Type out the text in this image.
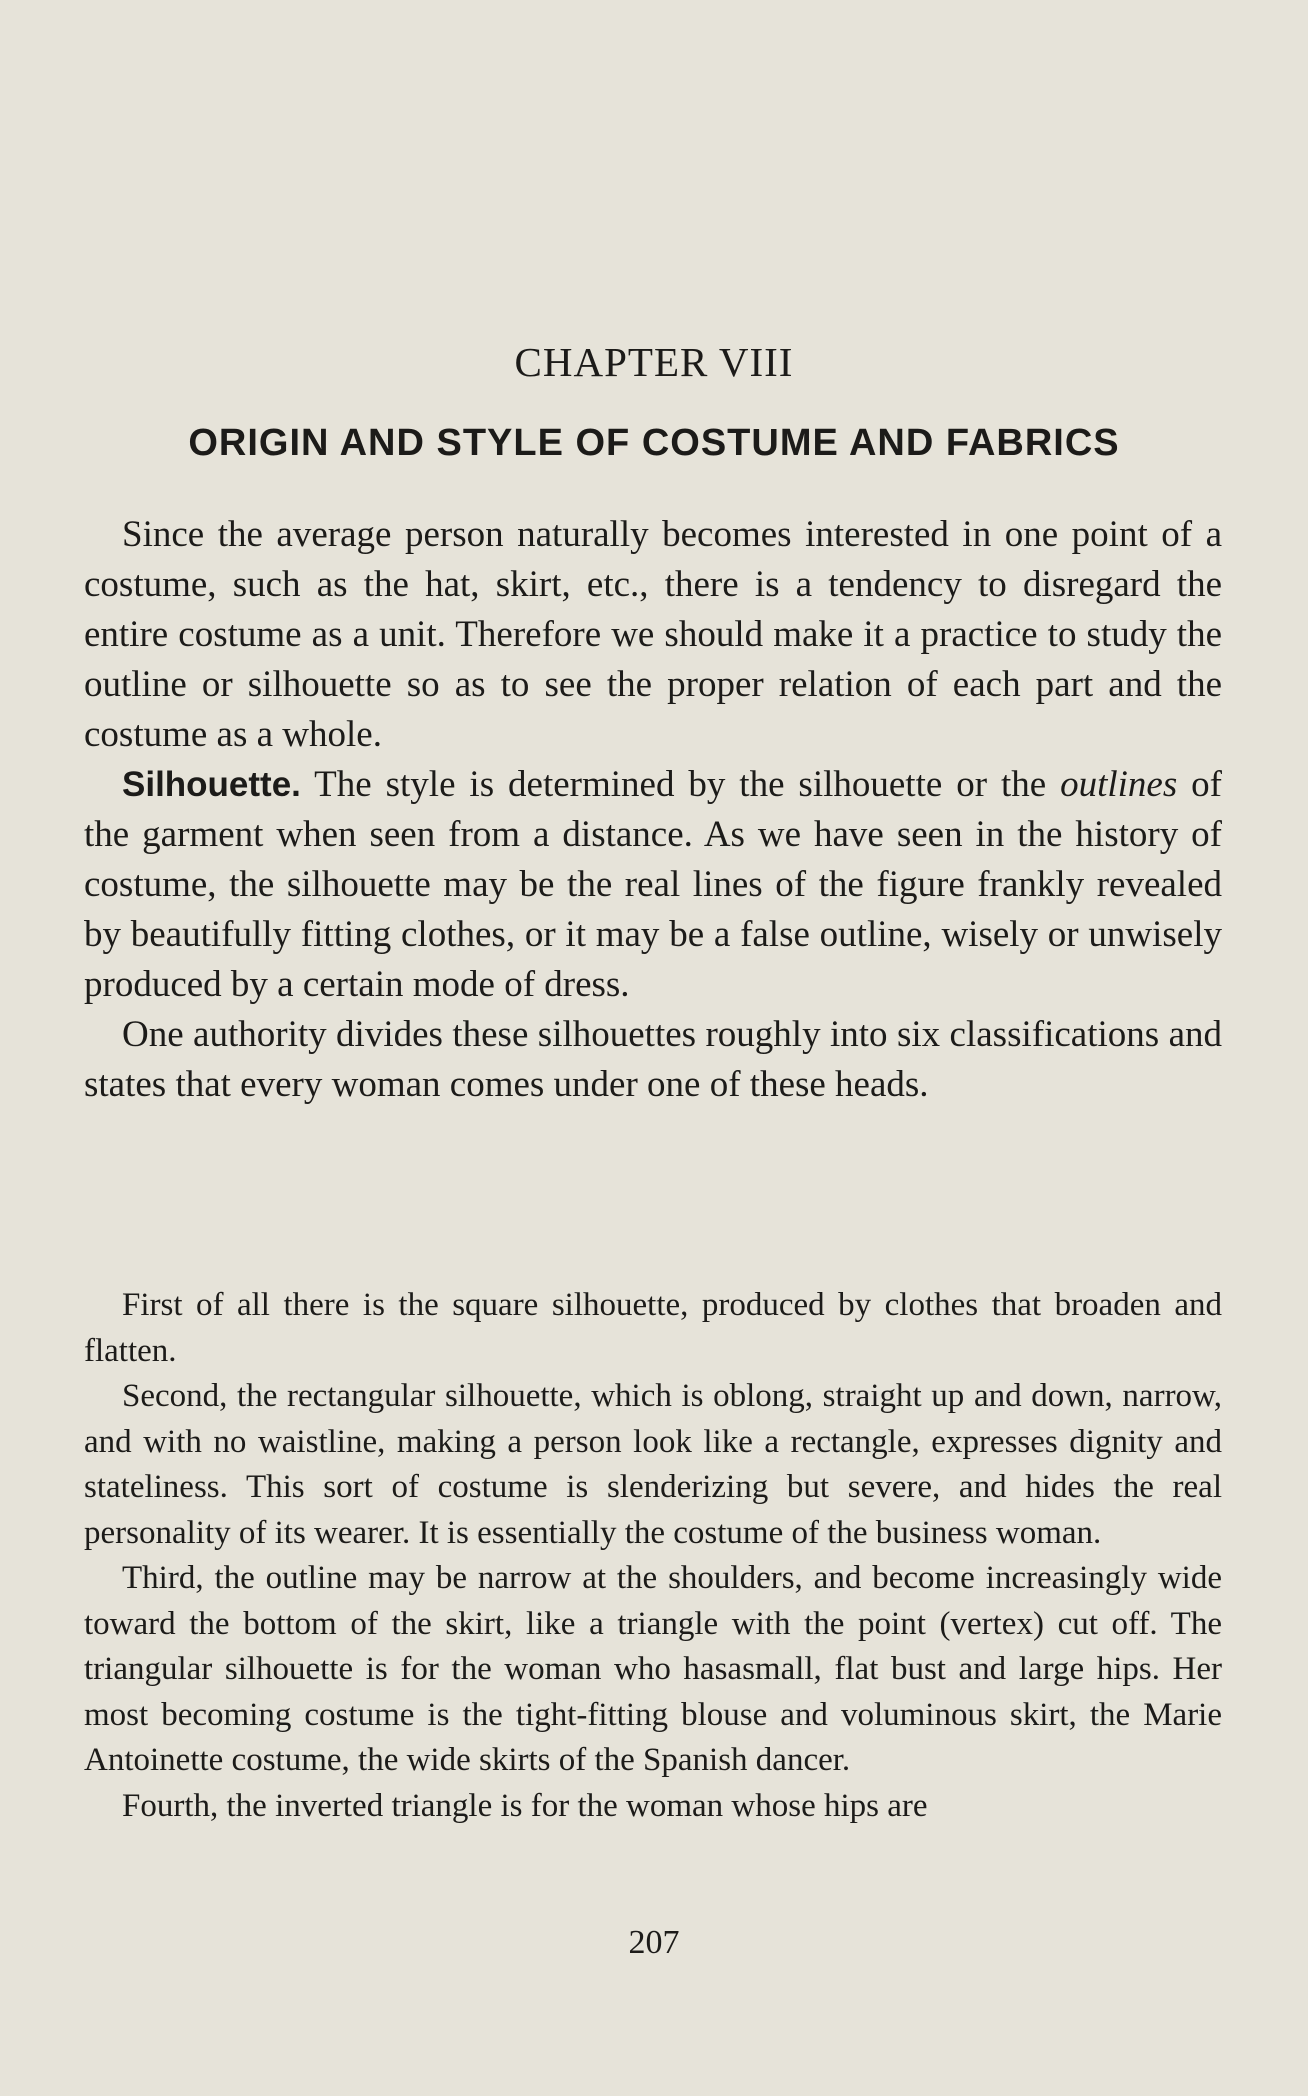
CHAPTER VIII
ORIGIN AND STYLE OF COSTUME AND FABRICS

Since the average person naturally becomes interested in one point of a costume, such as the hat, skirt, etc., there is a tendency to disregard the entire costume as a unit. Therefore we should make it a practice to study the outline or silhouette so as to see the proper relation of each part and the costume as a whole.

Silhouette. The style is determined by the silhouette or the outlines of the garment when seen from a distance. As we have seen in the history of costume, the silhouette may be the real lines of the figure frankly revealed by beautifully fitting clothes, or it may be a false outline, wisely or unwisely produced by a certain mode of dress.

One authority divides these silhouettes roughly into six classifications and states that every woman comes under one of these heads.

First of all there is the square silhouette, produced by clothes that broaden and flatten.

Second, the rectangular silhouette, which is oblong, straight up and down, narrow, and with no waistline, making a person look like a rectangle, expresses dignity and stateliness. This sort of costume is slenderizing but severe, and hides the real personality of its wearer. It is essentially the costume of the business woman.

Third, the outline may be narrow at the shoulders, and become increasingly wide toward the bottom of the skirt, like a triangle with the point (vertex) cut off. The triangular silhouette is for the woman who hasasmall, flat bust and large hips. Her most becoming costume is the tight-fitting blouse and voluminous skirt, the Marie Antoinette costume, the wide skirts of the Spanish dancer.

Fourth, the inverted triangle is for the woman whose hips are

207
